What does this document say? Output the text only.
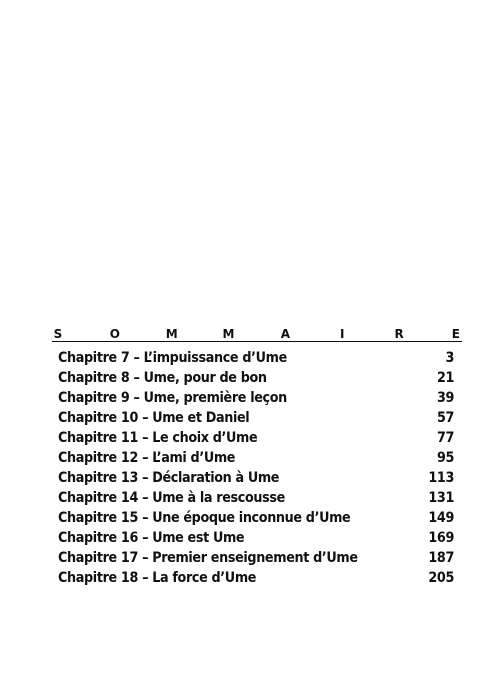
S	O	M	M	A	I	R	E
Chapitre 7 – L’impuissance d’Ume	3
Chapitre 8 – Ume, pour de bon	21
Chapitre 9 – Ume, première leçon	39
Chapitre 10 – Ume et Daniel	57
Chapitre 11 – Le choix d’Ume	77
Chapitre 12 – L’ami d’Ume	95
Chapitre 13 – Déclaration à Ume	113
Chapitre 14 – Ume à la rescousse	131
Chapitre 15 – Une époque inconnue d’Ume	149
Chapitre 16 – Ume est Ume	169
Chapitre 17 – Premier enseignement d’Ume	187
Chapitre 18 – La force d’Ume	205
